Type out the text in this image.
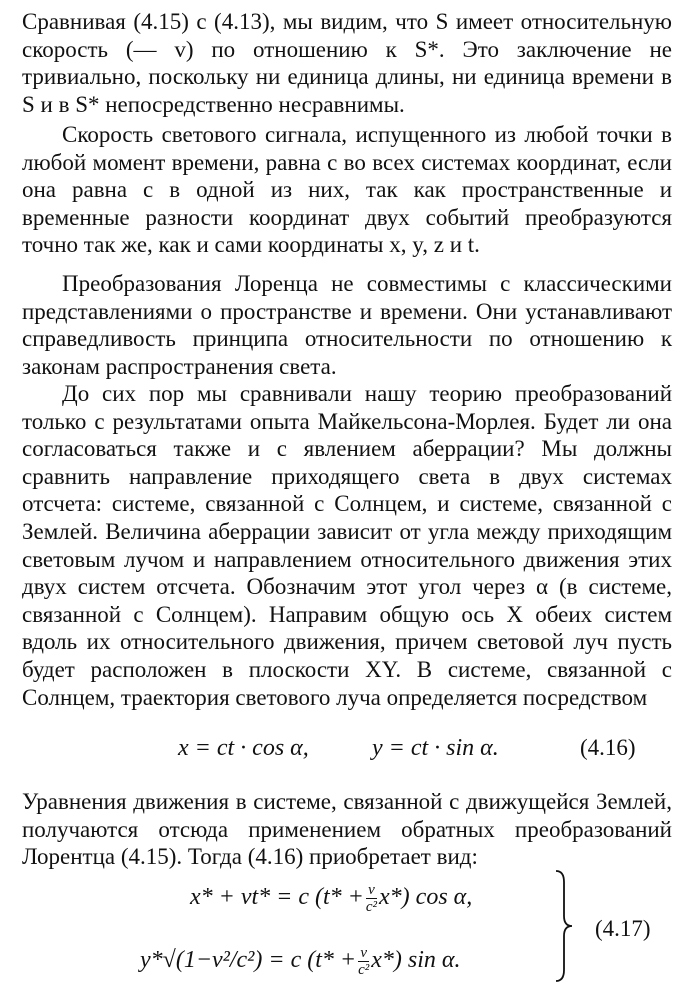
Сравнивая (4.15) с (4.13), мы видим, что S имеет относительную скорость (— v) по отношению к S*. Это заключение не тривиально, поскольку ни единица длины, ни единица времени в S и в S* непосредственно несравнимы.

Скорость светового сигнала, испущенного из любой точки в любой момент времени, равна c во всех системах координат, если она равна c в одной из них, так как пространственные и временные разности координат двух событий преобразуются точно так же, как и сами координаты x, y, z и t.

Преобразования Лоренца не совместимы с классическими представлениями о пространстве и времени. Они устанавливают справедливость принципа относительности по отношению к законам распространения света.

До сих пор мы сравнивали нашу теорию преобразований только с результатами опыта Майкельсона-Морлея. Будет ли она согласоваться также и с явлением аберрации? Мы должны сравнить направление приходящего света в двух системах отсчета: системе, связанной с Солнцем, и системе, связанной с Землей. Величина аберрации зависит от угла между приходящим световым лучом и направлением относительного движения этих двух систем отсчета. Обозначим этот угол через α (в системе, связанной с Солнцем). Направим общую ось X обеих систем вдоль их относительного движения, причем световой луч пусть будет расположен в плоскости XY. В системе, связанной с Солнцем, траектория светового луча определяется посредством

x = ct · cos α,	y = ct · sin α.	(4.16)

Уравнения движения в системе, связанной с движущейся Землей, получаются отсюда применением обратных преобразований Лорентца (4.15). Тогда (4.16) приобретает вид:

x* + vt* = c $(t* + \frac{v}{\text{c²}} x*)$ cos α,
y*√(1−v²/c²) = c $(t* + \frac{v}{\text{c²}} x*)$ sin α.
(4.17)
